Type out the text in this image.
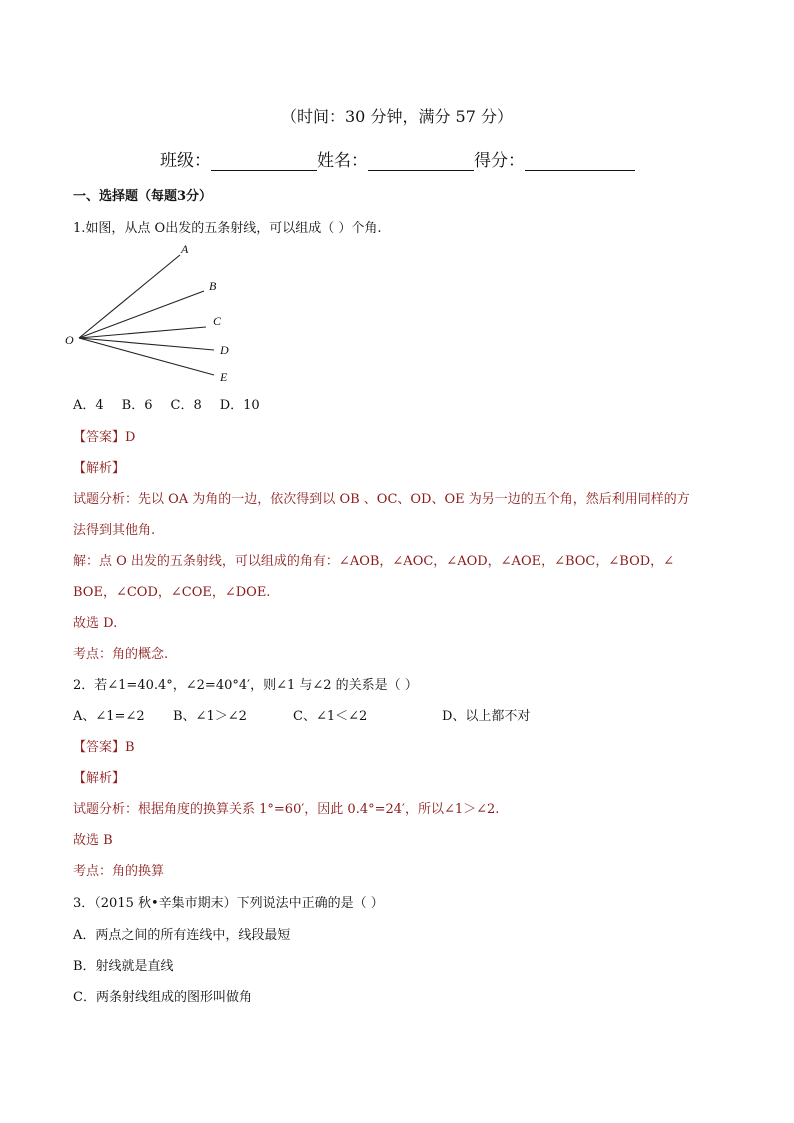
（时间：30 分钟，满分 57 分）
班级：	姓名：	得分：
一、选择题（每题3分）
1.如图，从点 O出发的五条射线，可以组成（ ）个角.
O
A
B
C
D
E
A．4 B．6 C．8 D．10
【答案】D
【解析】
试题分析：先以 OA 为角的一边，依次得到以 OB 、OC、OD、OE 为另一边的五个角，然后利用同样的方
法得到其他角.
解：点 O 出发的五条射线，可以组成的角有：∠AOB，∠AOC，∠AOD，∠AOE，∠BOC，∠BOD，∠
BOE，∠COD，∠COE，∠DOE.
故选 D.
考点：角的概念.
2．若∠1=40.4°，∠2=40°4′，则∠1 与∠2 的关系是（ ）
A、∠1=∠2 B、∠1＞∠2	C、∠1＜∠2	D、以上都不对
【答案】B
【解析】
试题分析：根据角度的换算关系 1°=60′，因此 0.4°=24′，所以∠1＞∠2.
故选 B
考点：角的换算
3．（2015 秋•辛集市期末）下列说法中正确的是（ ）
A．两点之间的所有连线中，线段最短
B．射线就是直线
C．两条射线组成的图形叫做角
